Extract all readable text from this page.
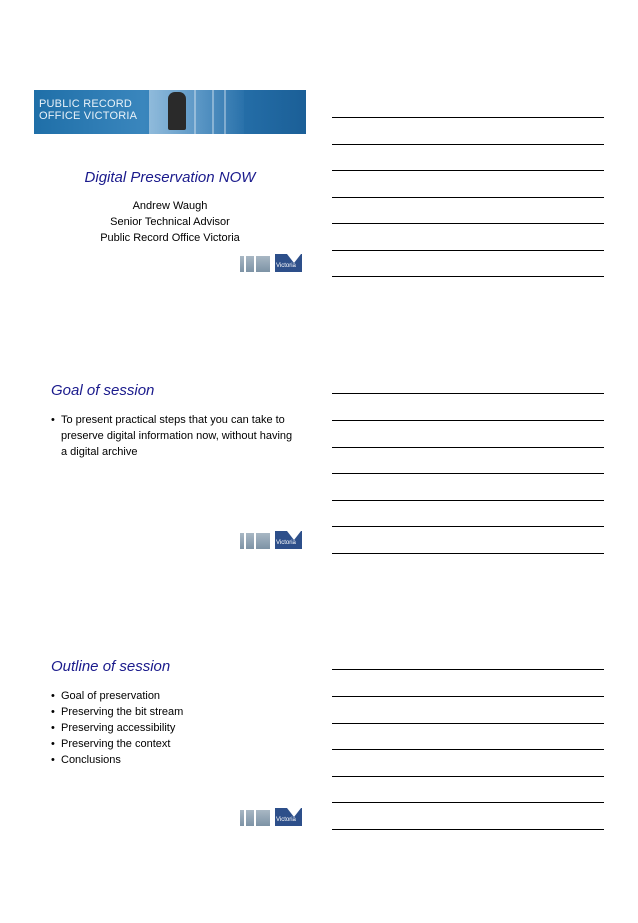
PUBLIC RECORD
OFFICE VICTORIA
Digital Preservation NOW
Andrew Waugh
Senior Technical Advisor
Public Record Office Victoria
Victoria
Goal of session
• To present practical steps that you can take to preserve digital information now, without having a digital archive
Victoria
Outline of session
• Goal of preservation
• Preserving the bit stream
• Preserving accessibility
• Preserving the context
• Conclusions
Victoria
